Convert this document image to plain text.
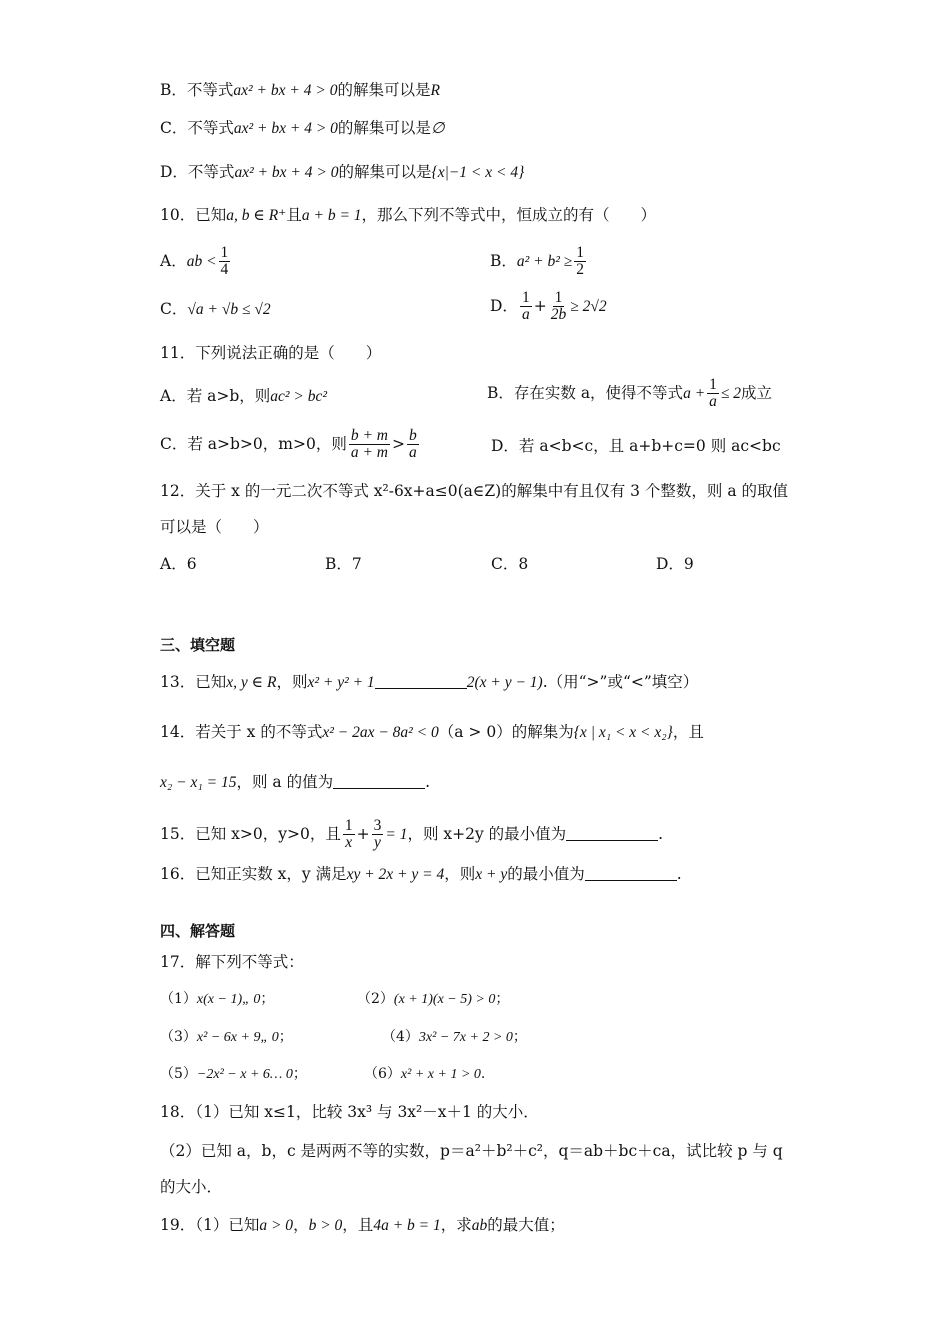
B．不等式ax² + bx + 4 > 0的解集可以是R
C．不等式ax² + bx + 4 > 0的解集可以是∅
D．不等式ax² + bx + 4 > 0的解集可以是{x|−1 < x < 4}
10．已知a, b ∈ R⁺且a + b = 1，那么下列不等式中，恒成立的有（　　）
A．ab < $\frac{1}{4}$	B．$a^2 + b^2 \ge \frac{1}{2}$
C．√a + √b ≤ √2	D． $\frac{1}{a} + \frac{1}{2b} \ge 2√2$
11．下列说法正确的是（　　）
A．若 a>b，则ac² > bc²	B．存在实数 a，使得不等式$a + \frac{1}{a} \le 2$成立
C．若 a>b>0，m>0，则 $\frac{b + m}{a + m} > \frac{b}{a}$	D．若 a<b<c，且 a+b+c=0 则 ac<bc
12．关于 x 的一元二次不等式 x²-6x+a≤0(a∈Z)的解集中有且仅有 3 个整数，则 a 的取值
可以是（　　）
A．6	B．7	C．8	D．9
三、填空题
13．已知x, y ∈ R，则x² + y² + 1	2(x + y − 1).（用“>”或“<”填空）
14．若关于 x 的不等式x² − 2ax − 8a² < 0（a > 0）的解集为{x | x₁ < x < x₂}，且
x₂ − x₁ = 15，则 a 的值为	.
15．已知 x>0，y>0，且 $\frac{1}{x} + \frac{3}{y} = 1$，则 x+2y 的最小值为	.
16．已知正实数 x，y 满足xy + 2x + y = 4，则x + y的最小值为	.
四、解答题
17．解下列不等式：
（1）x(x − 1)„ 0；	（2）(x + 1)(x − 5) > 0；
（3）x² − 6x + 9„ 0；	（4）3x² − 7x + 2 > 0；
（5）−2x² − x + 6… 0；	（6）x² + x + 1 > 0.
18．（1）已知 x≤1，比较 3x³ 与 3x²－x＋1 的大小．
（2）已知 a，b，c 是两两不等的实数，p＝a²＋b²＋c²，q＝ab＋bc＋ca，试比较 p 与 q
的大小．
19．（1）已知a > 0，b > 0，且4a + b = 1，求ab的最大值；
